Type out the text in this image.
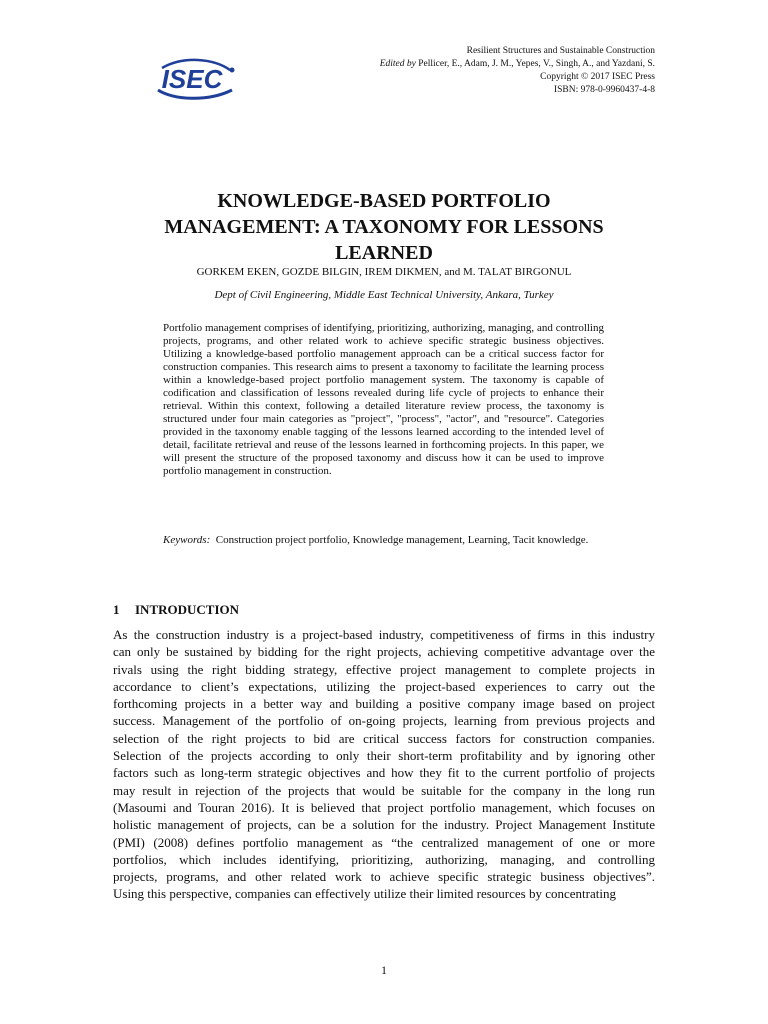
ISEC
Resilient Structures and Sustainable Construction
Edited by Pellicer, E., Adam, J. M., Yepes, V., Singh, A., and Yazdani, S.
Copyright © 2017 ISEC Press
ISBN: 978-0-9960437-4-8
KNOWLEDGE-BASED PORTFOLIO
MANAGEMENT: A TAXONOMY FOR LESSONS
LEARNED
GORKEM EKEN, GOZDE BILGIN, IREM DIKMEN, and M. TALAT BIRGONUL
Dept of Civil Engineering, Middle East Technical University, Ankara, Turkey
Portfolio management comprises of identifying, prioritizing, authorizing, managing, and controlling projects, programs, and other related work to achieve specific strategic business objectives. Utilizing a knowledge-based portfolio management approach can be a critical success factor for construction companies. This research aims to present a taxonomy to facilitate the learning process within a knowledge-based project portfolio management system. The taxonomy is capable of codification and classification of lessons revealed during life cycle of projects to enhance their retrieval. Within this context, following a detailed literature review process, the taxonomy is structured under four main categories as "project", "process", "actor", and "resource". Categories provided in the taxonomy enable tagging of the lessons learned according to the intended level of detail, facilitate retrieval and reuse of the lessons learned in forthcoming projects. In this paper, we will present the structure of the proposed taxonomy and discuss how it can be used to improve portfolio management in construction.
Keywords: Construction project portfolio, Knowledge management, Learning, Tacit knowledge.
1 INTRODUCTION
As the construction industry is a project-based industry, competitiveness of firms in this industry
can only be sustained by bidding for the right projects, achieving competitive advantage over the
rivals using the right bidding strategy, effective project management to complete projects in
accordance to client’s expectations, utilizing the project-based experiences to carry out the
forthcoming projects in a better way and building a positive company image based on project
success. Management of the portfolio of on-going projects, learning from previous projects and
selection of the right projects to bid are critical success factors for construction companies.
Selection of the projects according to only their short-term profitability and by ignoring other
factors such as long-term strategic objectives and how they fit to the current portfolio of projects
may result in rejection of the projects that would be suitable for the company in the long run
(Masoumi and Touran 2016). It is believed that project portfolio management, which focuses on
holistic management of projects, can be a solution for the industry. Project Management Institute
(PMI) (2008) defines portfolio management as “the centralized management of one or more
portfolios, which includes identifying, prioritizing, authorizing, managing, and controlling
projects, programs, and other related work to achieve specific strategic business objectives”.
Using this perspective, companies can effectively utilize their limited resources by concentrating
1
